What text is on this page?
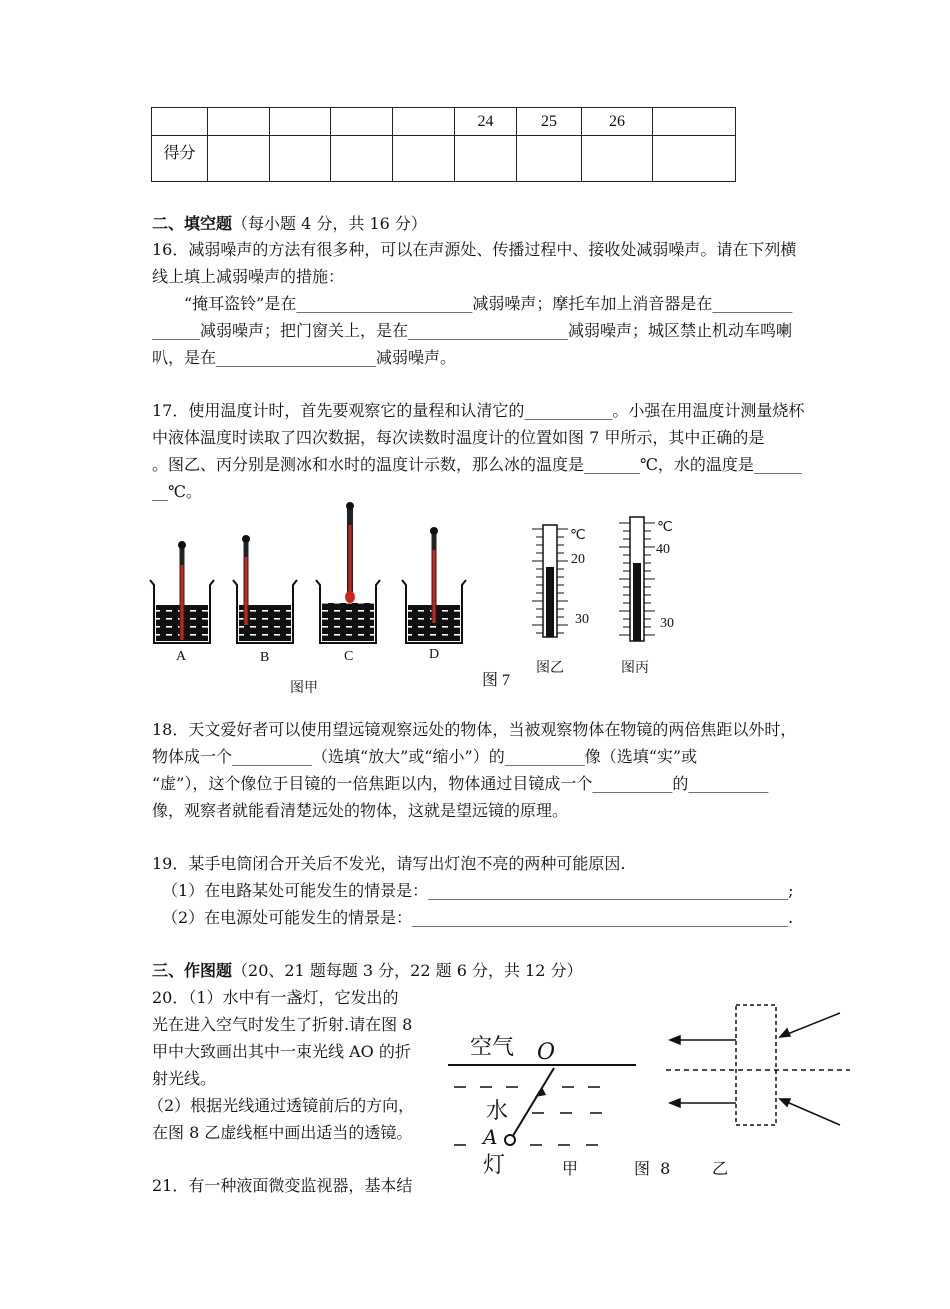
					24	25	26	
得分								
二、填空题（每小题 4 分，共 16 分）
16．减弱噪声的方法有很多种，可以在声源处、传播过程中、接收处减弱噪声。请在下列横
线上填上减弱噪声的措施：
“掩耳盗铃”是在______________________减弱噪声；摩托车加上消音器是在__________
______减弱噪声；把门窗关上，是在____________________减弱噪声；城区禁止机动车鸣喇
叭，是在____________________减弱噪声。
17．使用温度计时，首先要观察它的量程和认清它的___________。小强在用温度计测量烧杯
中液体温度时读取了四次数据，每次读数时温度计的位置如图 7 甲所示，其中正确的是
。图乙、丙分别是测冰和水时的温度计示数，那么冰的温度是_______℃，水的温度是______
__℃。
A	B	C	D
图甲	图 7
图乙	图丙
℃
20
30
℃
40
30
18．天文爱好者可以使用望远镜观察远处的物体，当被观察物体在物镜的两倍焦距以外时，
物体成一个__________（选填“放大”或“缩小”）的__________像（选填“实”或
“虚”），这个像位于目镜的一倍焦距以内，物体通过目镜成一个__________的__________
像，观察者就能看清楚远处的物体，这就是望远镜的原理。
19．某手电筒闭合开关后不发光，请写出灯泡不亮的两种可能原因.
（1）在电路某处可能发生的情景是：_____________________________________________;
（2）在电源处可能发生的情景是：_______________________________________________.
三、作图题（20、21 题每题 3 分，22 题 6 分，共 12 分）
20．（1）水中有一盏灯，它发出的
光在进入空气时发生了折射.请在图 8
甲中大致画出其中一束光线 AO 的折
射光线。
（2）根据光线通过透镜前后的方向，
在图 8 乙虚线框中画出适当的透镜。
空气 O
水
A
灯	甲	图  8	乙
21．有一种液面微变监视器，基本结
